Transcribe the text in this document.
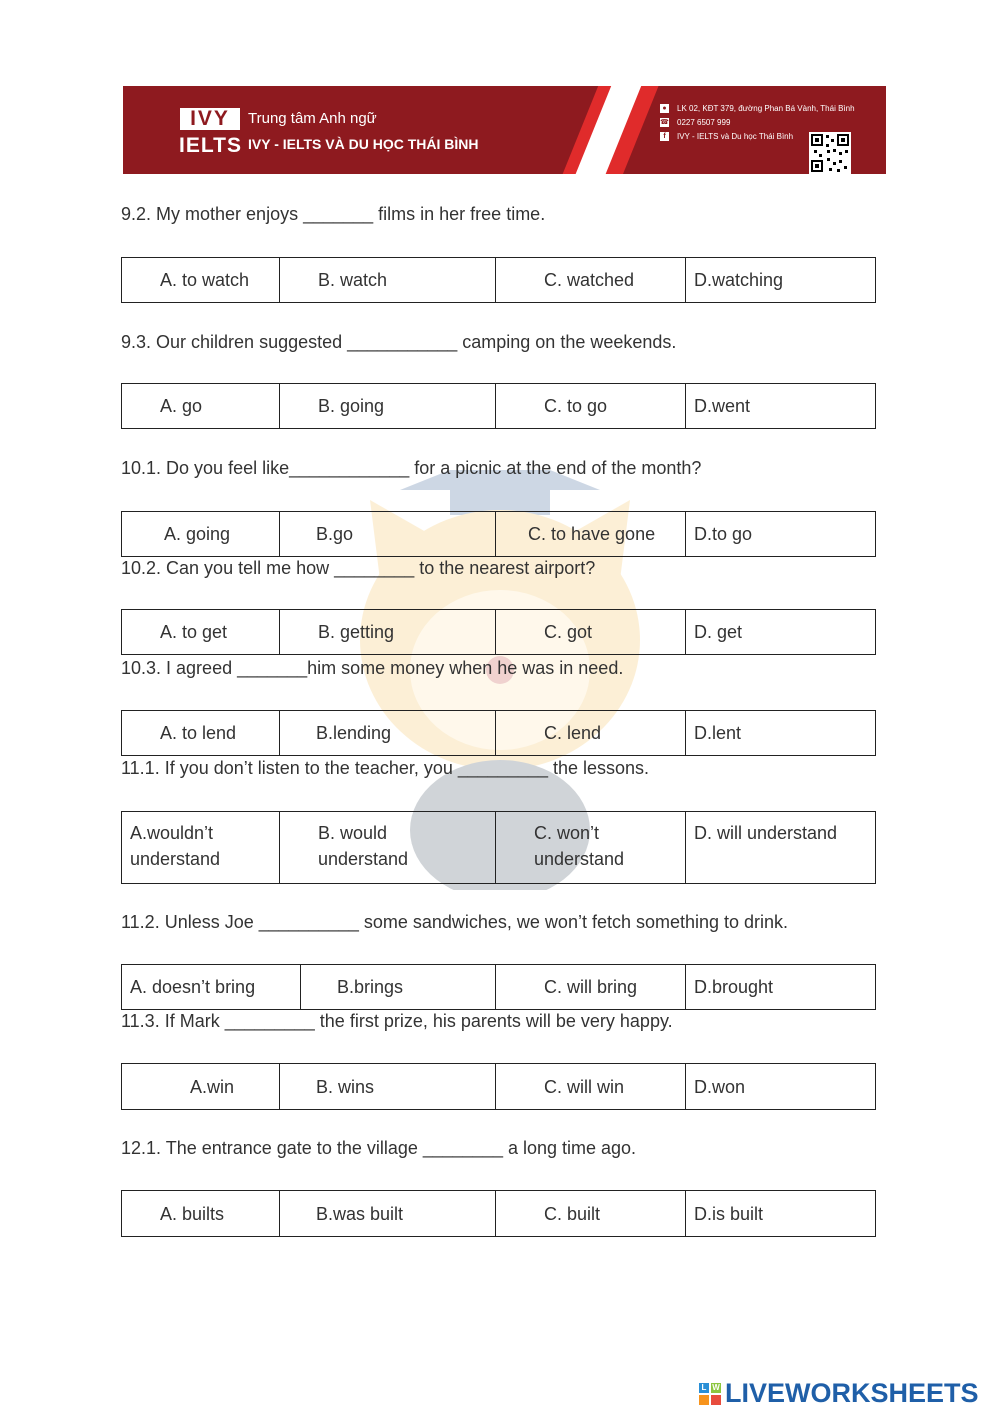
IVY
IELTS
Trung tâm Anh ngữ
IVY - IELTS VÀ DU HỌC THÁI BÌNH
● LK 02, KĐT 379, đường Phan Bá Vành, Thái Bình
☎ 0227 6507 999
f	IVY - IELTS và Du học Thái Bình
9.2. My mother enjoys _______ films in her free time.
A. to watch	B. watch	C. watched	D.watching
9.3. Our children suggested ___________ camping on the weekends.
A. go	B. going	C. to go	D.went
10.1. Do you feel like____________ for a picnic at the end of the month?
A. going	B.go	C. to have gone	D.to go
10.2. Can you tell me how ________ to the nearest airport?
A. to get	B. getting	C. got	D. get
10.3. I agreed _______him some money when he was in need.
A. to lend	B.lending	C. lend	D.lent
11.1. If you don’t listen to the teacher, you _________ the lessons.
A.wouldn’t
understand
B. would
understand
C. won’t
understand
D. will understand
11.2. Unless Joe __________ some sandwiches, we won’t fetch something to drink.
A. doesn’t bring	B.brings	C. will bring	D.brought
11.3. If Mark _________ the first prize, his parents will be very happy.
A.win	B. wins	C. will win	D.won
12.1. The entrance gate to the village ________ a long time ago.
A. builts	B.was built	C. built	D.is built
L W LIVEWORKSHEETS
